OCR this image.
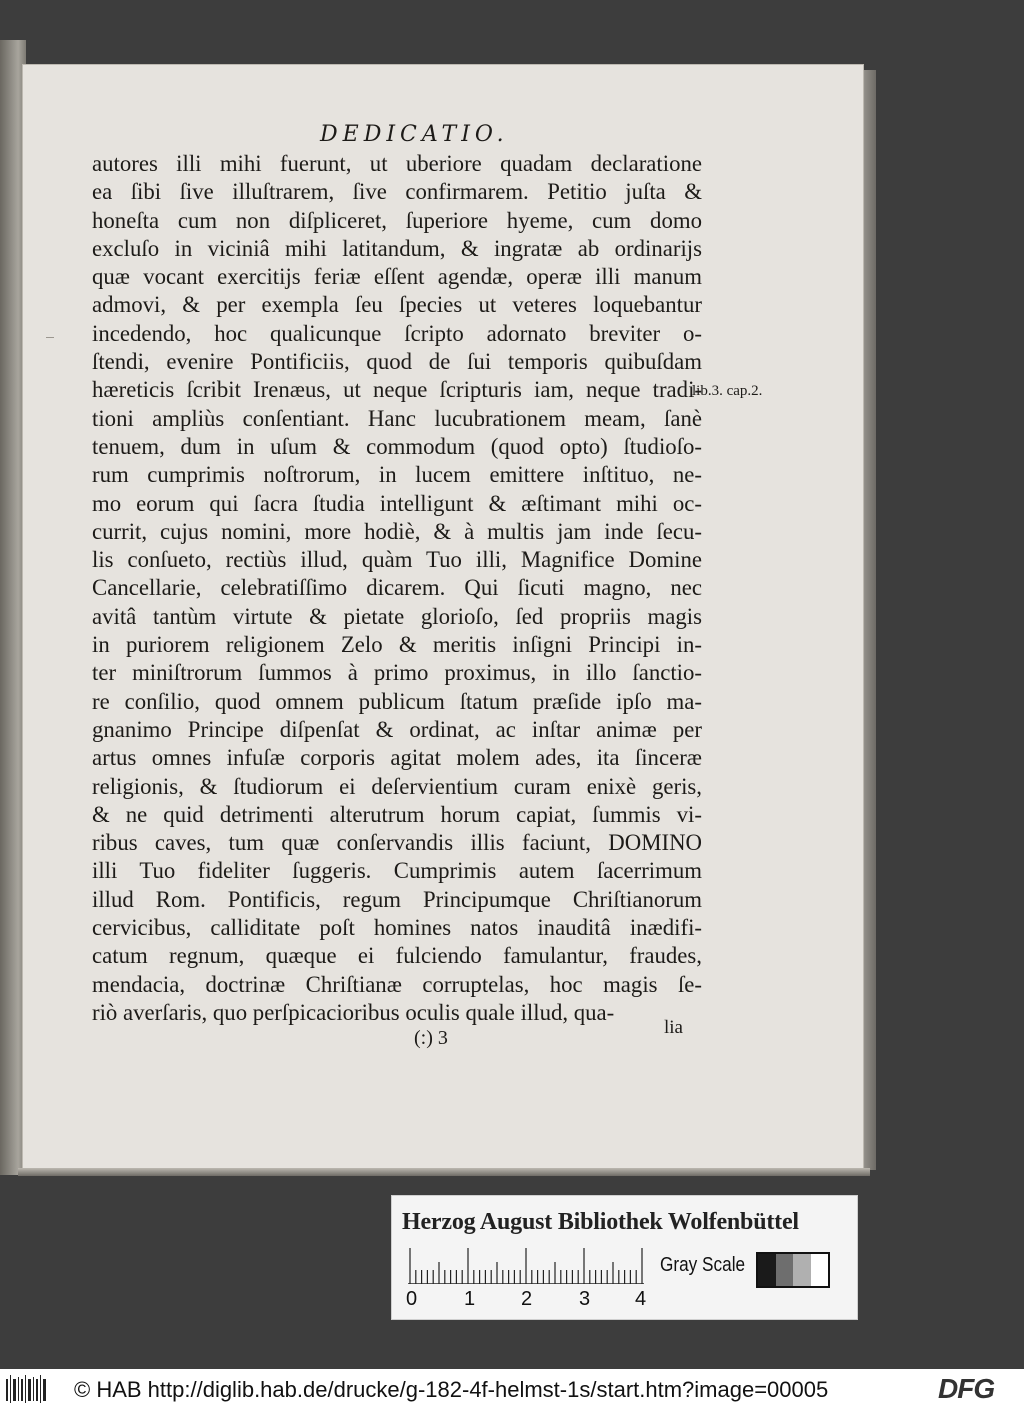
DEDICATIO.
autores illi mihi fuerunt, ut uberiore quadam declaratione
ea ſibi ſive illuſtrarem, ſive confirmarem. Petitio juſta &
honeſta cum non diſpliceret, ſuperiore hyeme, cum domo
excluſo in viciniâ mihi latitandum, & ingratæ ab ordinarijs
quæ vocant exercitijs feriæ eſſent agendæ, operæ illi manum
admovi, & per exempla ſeu ſpecies ut veteres loquebantur
incedendo, hoc qualicunque ſcripto adornato breviter o-
ſtendi, evenire Pontificiis, quod de ſui temporis quibuſdam
hæreticis ſcribit Irenæus, ut neque ſcripturis iam, neque tradi-
tioni ampliùs conſentiant. Hanc lucubrationem meam, ſanè
tenuem, dum in uſum & commodum (quod opto) ſtudioſo-
rum cumprimis noſtrorum, in lucem emittere inſtituo, ne-
mo eorum qui ſacra ſtudia intelligunt & æſtimant mihi oc-
currit, cujus nomini, more hodiè, & à multis jam inde ſecu-
lis conſueto, rectiùs illud, quàm Tuo illi, Magnifice Domine
Cancellarie, celebratiſſimo dicarem. Qui ſicuti magno, nec
avitâ tantùm virtute & pietate glorioſo, ſed propriis magis
in puriorem religionem Zelo & meritis inſigni Principi in-
ter miniſtrorum ſummos à primo proximus, in illo ſanctio-
re conſilio, quod omnem publicum ſtatum præſide ipſo ma-
gnanimo Principe diſpenſat & ordinat, ac inſtar animæ per
artus omnes infuſæ corporis agitat molem ades, ita ſinceræ
religionis, & ſtudiorum ei deſervientium curam enixè geris,
& ne quid detrimenti alterutrum horum capiat, ſummis vi-
ribus caves, tum quæ conſervandis illis faciunt, DOMINO
illi Tuo fideliter ſuggeris. Cumprimis autem ſacerrimum
illud Rom. Pontificis, regum Principumque Chriſtianorum
cervicibus, calliditate poſt homines natos inauditâ inædifi-
catum regnum, quæque ei fulciendo famulantur, fraudes,
mendacia, doctrinæ Chriſtianæ corruptelas, hoc magis ſe-
riò averſaris, quo perſpicacioribus oculis quale illud, qua-
lib.3. cap.2.
(:) 3	lia
Herzog August Bibliothek Wolfenbüttel
0 1 2 3 4
Gray Scale
© HAB http://diglib.hab.de/drucke/g-182-4f-helmst-1s/start.htm?image=00005	DFG
